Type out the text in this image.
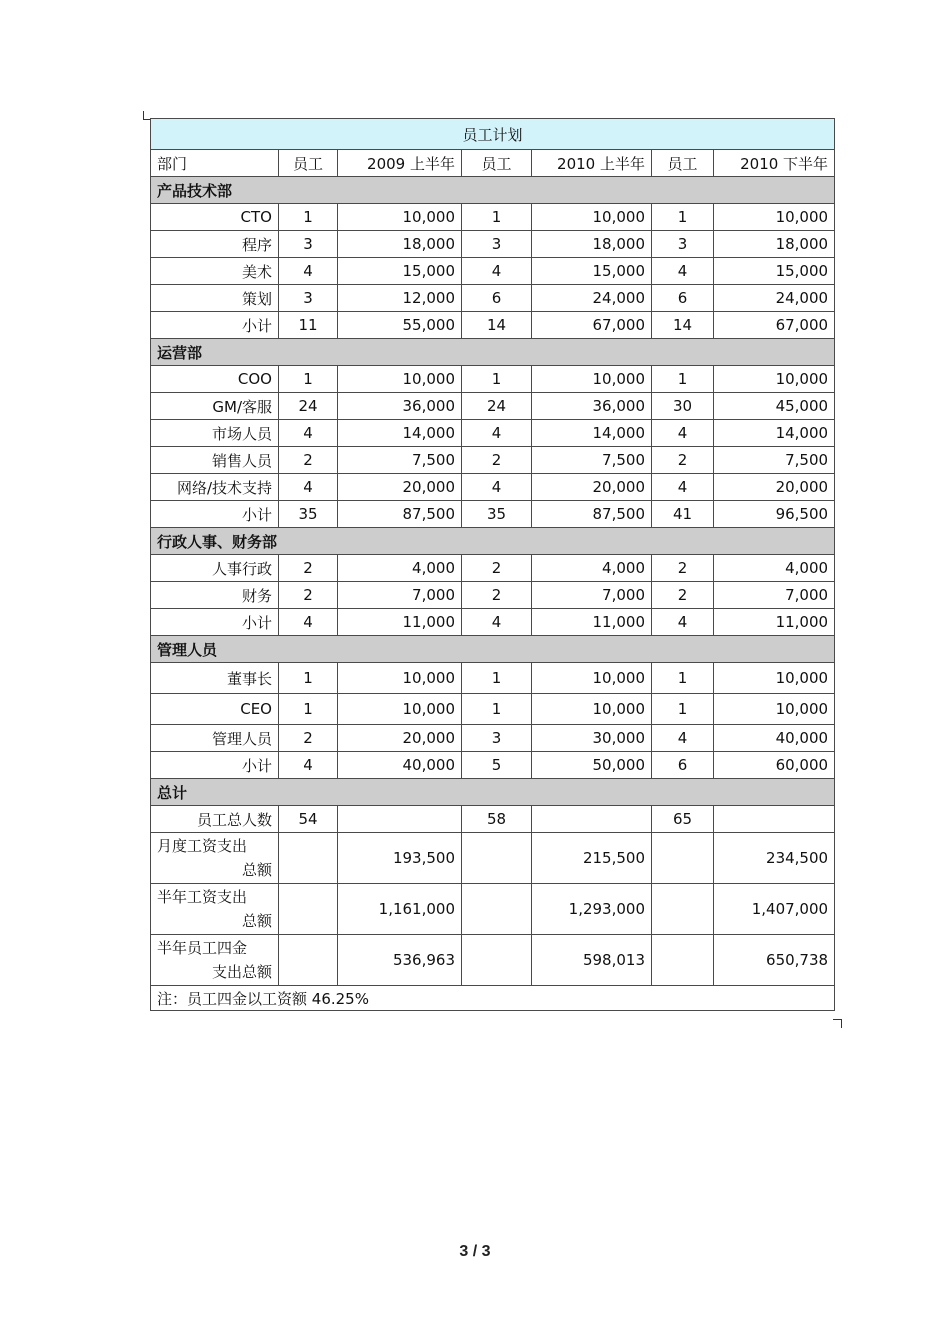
员工计划						
部门	员工	2009 上半年	员工	2010 上半年	员工	2010 下半年
产品技术部						
CTO	1	10,000	1	10,000	1	10,000
程序	3	18,000	3	18,000	3	18,000
美术	4	15,000	4	15,000	4	15,000
策划	3	12,000	6	24,000	6	24,000
小计	11	55,000	14	67,000	14	67,000
运营部						
COO	1	10,000	1	10,000	1	10,000
GM/客服	24	36,000	24	36,000	30	45,000
市场人员	4	14,000	4	14,000	4	14,000
销售人员	2	7,500	2	7,500	2	7,500
网络/技术支持	4	20,000	4	20,000	4	20,000
小计	35	87,500	35	87,500	41	96,500
行政人事、财务部						
人事行政	2	4,000	2	4,000	2	4,000
财务	2	7,000	2	7,000	2	7,000
小计	4	11,000	4	11,000	4	11,000
管理人员						
董事长	1	10,000	1	10,000	1	10,000
CEO	1	10,000	1	10,000	1	10,000
管理人员	2	20,000	3	30,000	4	40,000
小计	4	40,000	5	50,000	6	60,000
总计						
员工总人数	54		58		65	

月度工资支出
总额		193,500		215,500		234,500

半年工资支出
总额		1,161,000		1,293,000		1,407,000

半年员工四金
支出总额		536,963		598,013		650,738
注：员工四金以工资额 46.25%						
3 / 3
